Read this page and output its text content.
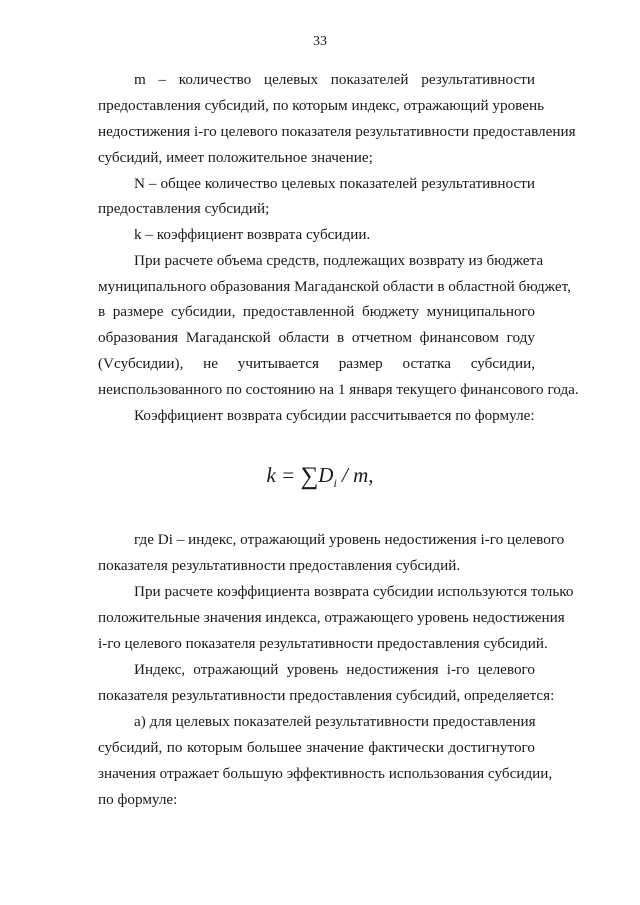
33
m – количество целевых показателей результативности
предоставления субсидий, по которым индекс, отражающий уровень
недостижения i-го целевого показателя результативности предоставления
субсидий, имеет положительное значение;
N – общее количество целевых показателей результативности
предоставления субсидий;
k – коэффициент возврата субсидии.
При расчете объема средств, подлежащих возврату из бюджета
муниципального образования Магаданской области в областной бюджет,
в размере субсидии, предоставленной бюджету муниципального
образования Магаданской области в отчетном финансовом году
(Vсубсидии), не учитывается размер остатка субсидии,
неиспользованного по состоянию на 1 января текущего финансового года.
Коэффициент возврата субсидии рассчитывается по формуле:
где Di – индекс, отражающий уровень недостижения i-го целевого
показателя результативности предоставления субсидий.
При расчете коэффициента возврата субсидии используются только
положительные значения индекса, отражающего уровень недостижения
i-го целевого показателя результативности предоставления субсидий.
Индекс, отражающий уровень недостижения i-го целевого
показателя результативности предоставления субсидий, определяется:
а) для целевых показателей результативности предоставления
субсидий, по которым большее значение фактически достигнутого
значения отражает большую эффективность использования субсидии,
по формуле:
$k = \sum D_i / m$,
